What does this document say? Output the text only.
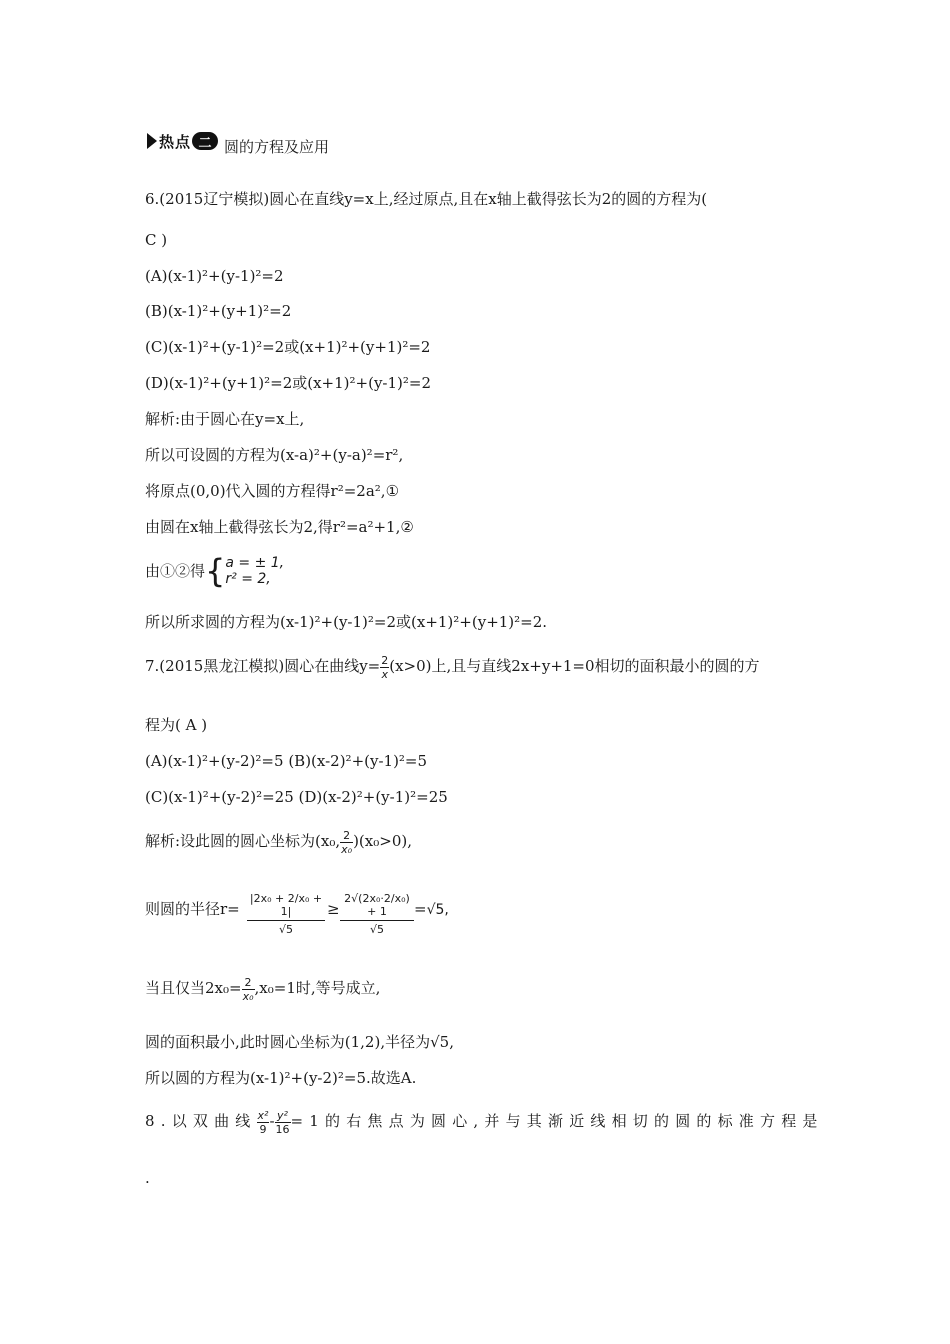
热点 二 圆的方程及应用
6.(2015辽宁模拟)圆心在直线y=x上,经过原点,且在x轴上截得弦长为2的圆的方程为(
C )
(A)(x-1)²+(y-1)²=2
(B)(x-1)²+(y+1)²=2
(C)(x-1)²+(y-1)²=2或(x+1)²+(y+1)²=2
(D)(x-1)²+(y+1)²=2或(x+1)²+(y-1)²=2
解析:由于圆心在y=x上,
所以可设圆的方程为(x-a)²+(y-a)²=r²,
将原点(0,0)代入圆的方程得r²=2a²,①
由圆在x轴上截得弦长为2,得r²=a²+1,②
由①②得{ a = ± 1,
r² = 2,
所以所求圆的方程为(x-1)²+(y-1)²=2或(x+1)²+(y+1)²=2.
7.(2015黑龙江模拟)圆心在曲线$y= \frac{2}{x} (x>0)$上,且与直线2x+y+1=0相切的面积最小的圆的方
程为( A )
(A)(x-1)²+(y-2)²=5 (B)(x-2)²+(y-1)²=5
(C)(x-1)²+(y-2)²=25 (D)(x-2)²+(y-1)²=25
解析:设此圆的圆心坐标为(x₀, $\frac{2}{\text{x₀}} )(x_0>0)$,
则圆的半径r=
|2x₀ + 2/x₀ + 1|
√5
≥
2√(2x₀·2/x₀) + 1
√5
=√5,
当且仅当$2x_0= \frac{2}{\text{x₀}} ,x_0=1$时,等号成立,
圆的面积最小,此时圆心坐标为(1,2),半径为√5,
所以圆的方程为(x-1)²+(y-2)²=5.故选A.
8.以双曲线 $\frac{\text{x²}}{9} - \frac{\text{y²}}{16} =1$的右焦点为圆心,并与其渐近线相切的圆的标准方程是
.
